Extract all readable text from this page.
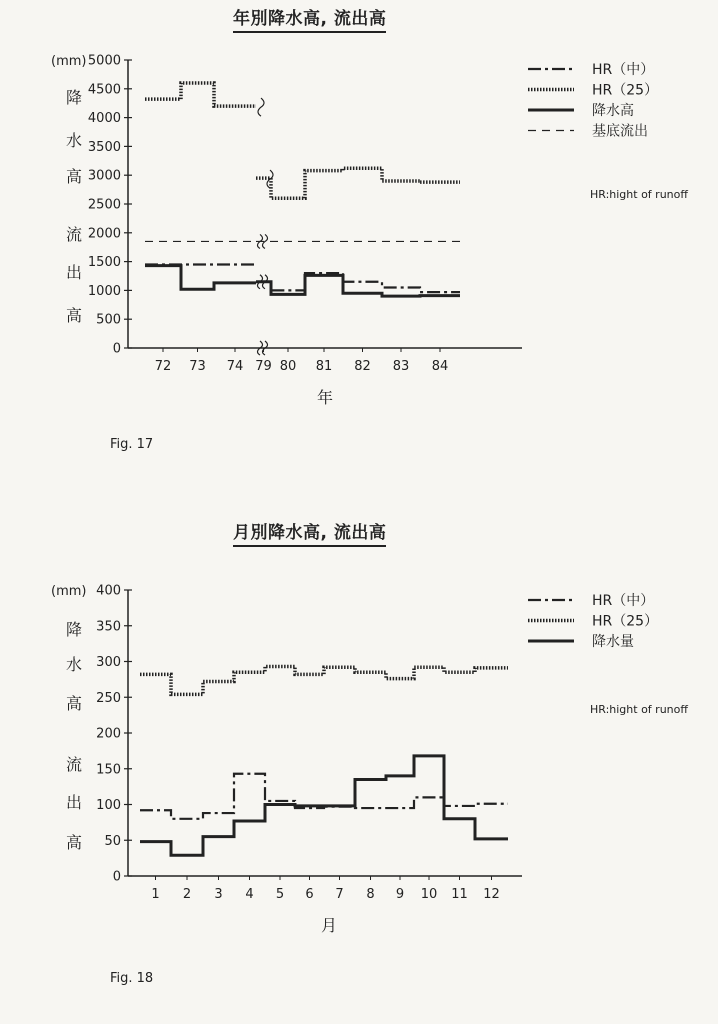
年別降水高, 流出高
(mm)
0
500
1000
1500
2000
2500
3000
3500
4000
4500
5000
降
水
高
流
出
高
72 73 74 79 80 81 82 83 84
年
HR（中）
HR（25）
降水高
基底流出
HR:hight of runoff
Fig. 17
月別降水高, 流出高
(mm)
0
50
100
150
200
250
300
350
400
降
水
高
流
出
高
1 2 3 4 5 6 7 8 9 10 11 12
月
HR（中）
HR（25）
降水量
HR:hight of runoff
Fig. 18
